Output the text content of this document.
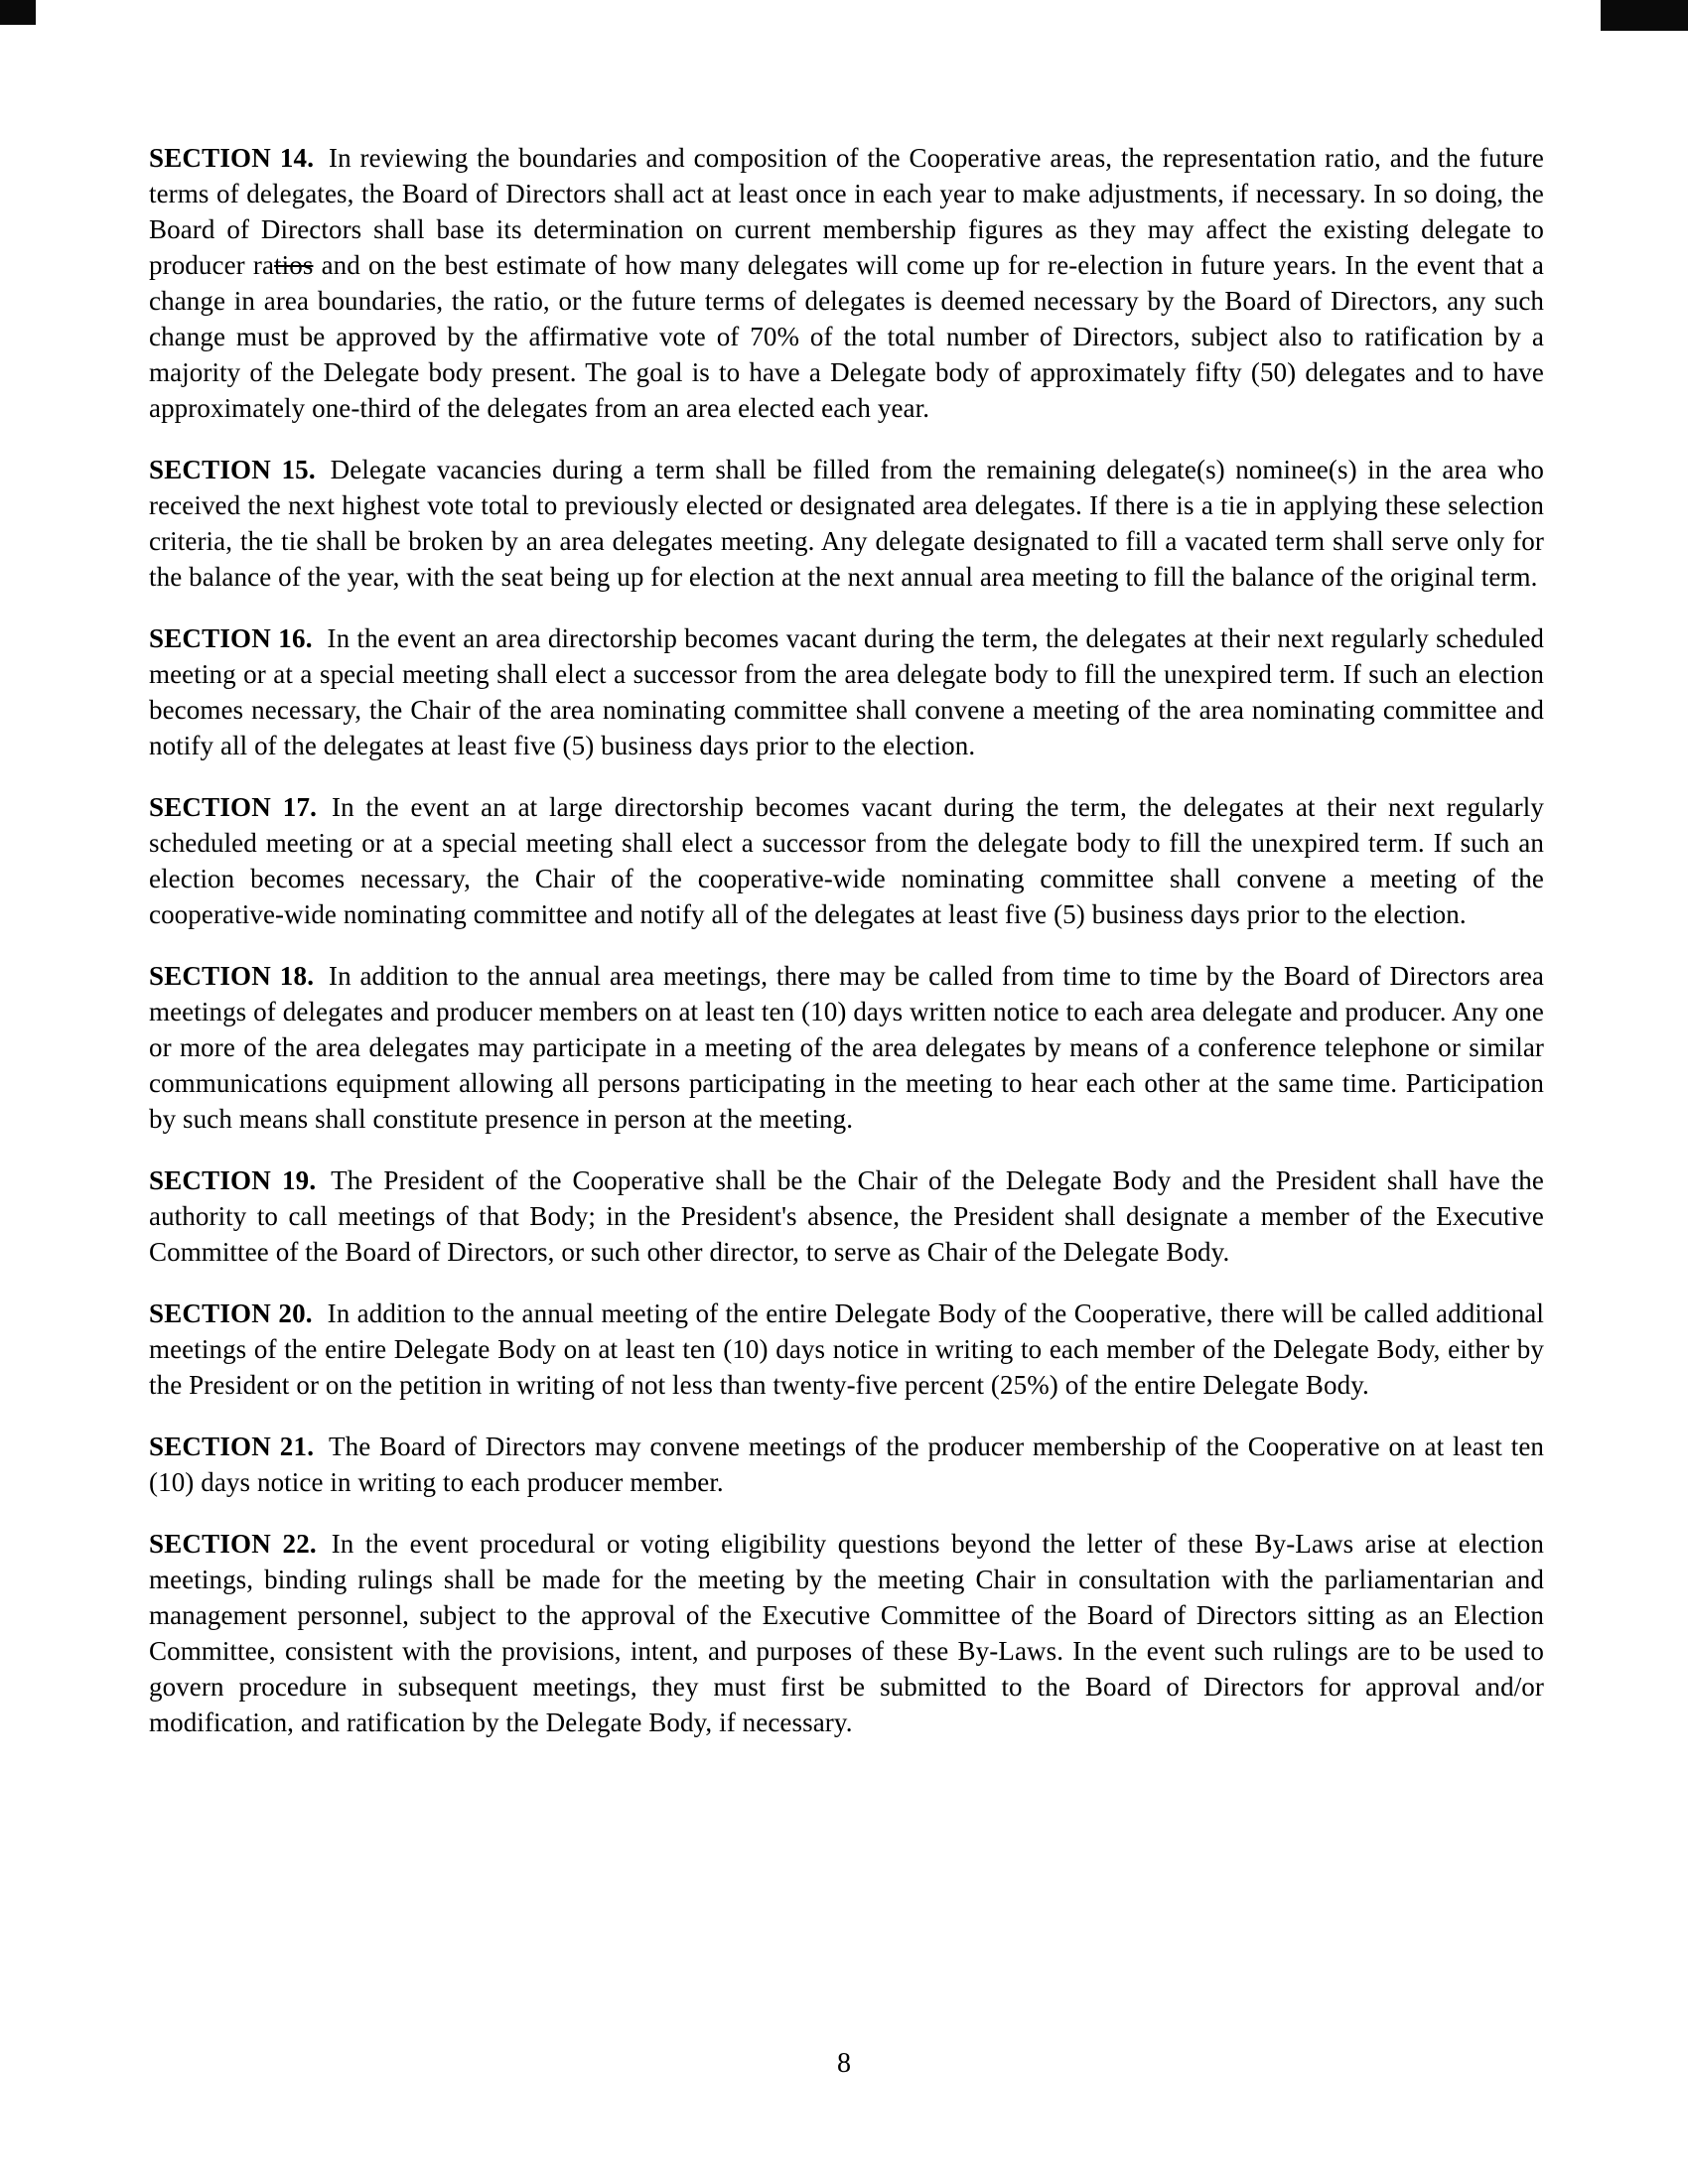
SECTION 14. In reviewing the boundaries and composition of the Cooperative areas, the representation ratio, and the future terms of delegates, the Board of Directors shall act at least once in each year to make adjustments, if necessary. In so doing, the Board of Directors shall base its determination on current membership figures as they may affect the existing delegate to producer ratios and on the best estimate of how many delegates will come up for re-election in future years. In the event that a change in area boundaries, the ratio, or the future terms of delegates is deemed necessary by the Board of Directors, any such change must be approved by the affirmative vote of 70% of the total number of Directors, subject also to ratification by a majority of the Delegate body present. The goal is to have a Delegate body of approximately fifty (50) delegates and to have approximately one-third of the delegates from an area elected each year.

SECTION 15. Delegate vacancies during a term shall be filled from the remaining delegate(s) nominee(s) in the area who received the next highest vote total to previously elected or designated area delegates. If there is a tie in applying these selection criteria, the tie shall be broken by an area delegates meeting. Any delegate designated to fill a vacated term shall serve only for the balance of the year, with the seat being up for election at the next annual area meeting to fill the balance of the original term.

SECTION 16. In the event an area directorship becomes vacant during the term, the delegates at their next regularly scheduled meeting or at a special meeting shall elect a successor from the area delegate body to fill the unexpired term. If such an election becomes necessary, the Chair of the area nominating committee shall convene a meeting of the area nominating committee and notify all of the delegates at least five (5) business days prior to the election.

SECTION 17. In the event an at large directorship becomes vacant during the term, the delegates at their next regularly scheduled meeting or at a special meeting shall elect a successor from the delegate body to fill the unexpired term. If such an election becomes necessary, the Chair of the cooperative-wide nominating committee shall convene a meeting of the cooperative-wide nominating committee and notify all of the delegates at least five (5) business days prior to the election.

SECTION 18. In addition to the annual area meetings, there may be called from time to time by the Board of Directors area meetings of delegates and producer members on at least ten (10) days written notice to each area delegate and producer. Any one or more of the area delegates may participate in a meeting of the area delegates by means of a conference telephone or similar communications equipment allowing all persons participating in the meeting to hear each other at the same time. Participation by such means shall constitute presence in person at the meeting.

SECTION 19. The President of the Cooperative shall be the Chair of the Delegate Body and the President shall have the authority to call meetings of that Body; in the President's absence, the President shall designate a member of the Executive Committee of the Board of Directors, or such other director, to serve as Chair of the Delegate Body.

SECTION 20. In addition to the annual meeting of the entire Delegate Body of the Cooperative, there will be called additional meetings of the entire Delegate Body on at least ten (10) days notice in writing to each member of the Delegate Body, either by the President or on the petition in writing of not less than twenty-five percent (25%) of the entire Delegate Body.

SECTION 21. The Board of Directors may convene meetings of the producer membership of the Cooperative on at least ten (10) days notice in writing to each producer member.

SECTION 22. In the event procedural or voting eligibility questions beyond the letter of these By-Laws arise at election meetings, binding rulings shall be made for the meeting by the meeting Chair in consultation with the parliamentarian and management personnel, subject to the approval of the Executive Committee of the Board of Directors sitting as an Election Committee, consistent with the provisions, intent, and purposes of these By-Laws. In the event such rulings are to be used to govern procedure in subsequent meetings, they must first be submitted to the Board of Directors for approval and/or modification, and ratification by the Delegate Body, if necessary.

8
